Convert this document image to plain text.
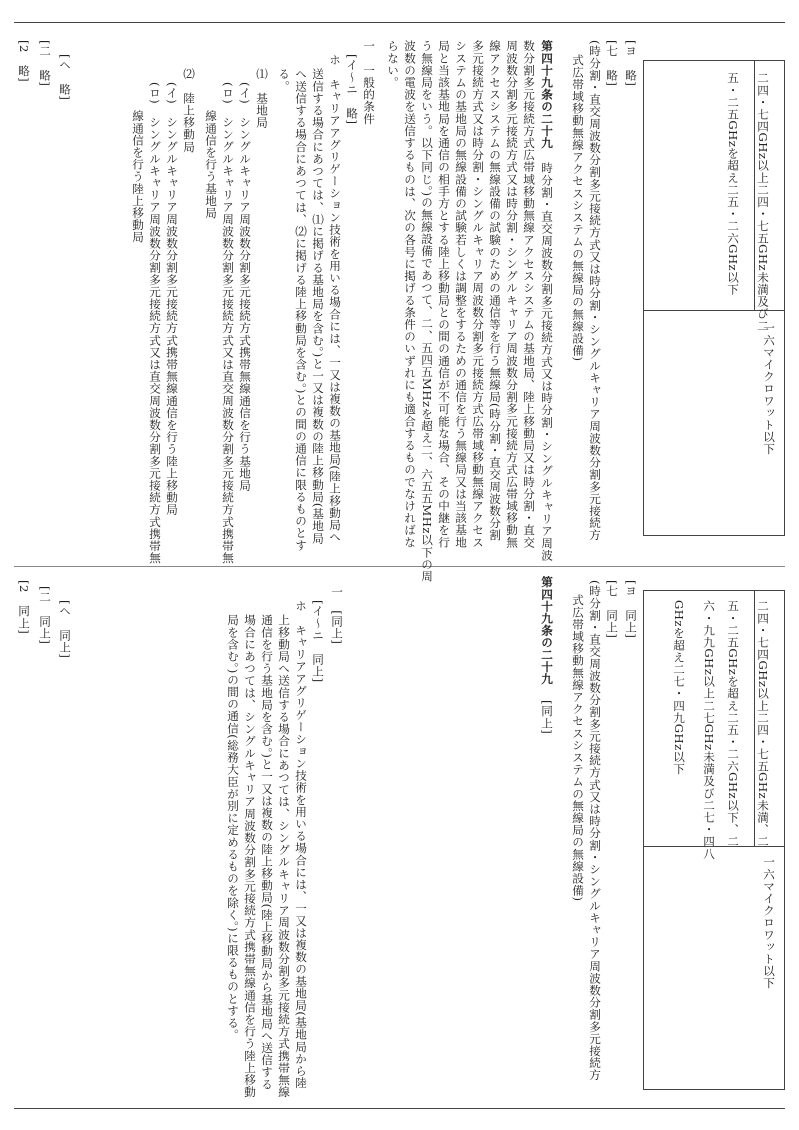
二四・七四GHz以上二四・七五GHz未満及び二
五・二五GHzを超え二五・二六GHz以下
一六マイクロワット以下
[ヨ　略]
[七　略]
(時分割・直交周波数分割多元接続方式又は時分割・シングルキャリア周波数分割多元接続方
式広帯域移動無線アクセスシステムの無線局の無線設備)
第四十九条の二十九
時分割・直交周波数分割多元接続方式又は時分割・シングルキャリア周波
数分割多元接続方式広帯域移動無線アクセスシステムの基地局、陸上移動局又は時分割・直交
周波数分割多元接続方式又は時分割・シングルキャリア周波数分割多元接続方式広帯域移動無
線アクセスシステムの無線設備の試験のための通信等を行う無線局(時分割・直交周波数分割
多元接続方式又は時分割・シングルキャリア周波数分割多元接続方式広帯域移動無線アクセス
システムの基地局の無線設備の試験若しくは調整をするための通信を行う無線局又は当該基地
局と当該基地局を通信の相手方とする陸上移動局との間の通信が不可能な場合、その中継を行
う無線局をいう。以下同じ。)の無線設備であつて、二、五四五MHzを超え二、六五五MHz以下の周
波数の電波を送信するものは、次の各号に掲げる条件のいずれにも適合するものでなければな
らない。
一　一般的条件
[イ～ニ　略]
ホ　キャリアアグリゲーション技術を用いる場合には、一又は複数の基地局(陸上移動局へ
送信する場合にあつては、⑴に掲げる基地局を含む。)と一又は複数の陸上移動局(基地局
へ送信する場合にあつては、⑵に掲げる陸上移動局を含む。)との間の通信に限るものとす
る。
⑴　基地局
(イ)　シングルキャリア周波数分割多元接続方式携帯無線通信を行う基地局
(ロ)　シングルキャリア周波数分割多元接続方式又は直交周波数分割多元接続方式携帯無
線通信を行う基地局
⑵　陸上移動局
(イ)　シングルキャリア周波数分割多元接続方式携帯無線通信を行う陸上移動局
(ロ)　シングルキャリア周波数分割多元接続方式又は直交周波数分割多元接続方式携帯無
線通信を行う陸上移動局
[ヘ　略]
[二　略]
[2　略]
二四・七四GHz以上二四・七五GHz未満、二
五・二五GHzを超え二五・二六GHz以下、二
六・九九GHz以上二七GHz未満及び二七・四八
GHzを超え二七・四九GHz以下
一六マイクロワット以下
[ヨ　同上]
[七　同上]
(時分割・直交周波数分割多元接続方式又は時分割・シングルキャリア周波数分割多元接続方
式広帯域移動無線アクセスシステムの無線局の無線設備)
第四十九条の二十九
[同上]
一　[同上]
[イ～ニ　同上]
ホ　キャリアアグリゲーション技術を用いる場合には、一又は複数の基地局(基地局から陸
上移動局へ送信する場合にあつては、シングルキャリア周波数分割多元接続方式携帯無線
通信を行う基地局を含む。)と一又は複数の陸上移動局(陸上移動局から基地局へ送信する
場合にあつては、シングルキャリア周波数分割多元接続方式携帯無線通信を行う陸上移動
局を含む。)の間の通信(総務大臣が別に定めるものを除く。)に限るものとする。
[ヘ　同上]
[二　同上]
[2　同上]
